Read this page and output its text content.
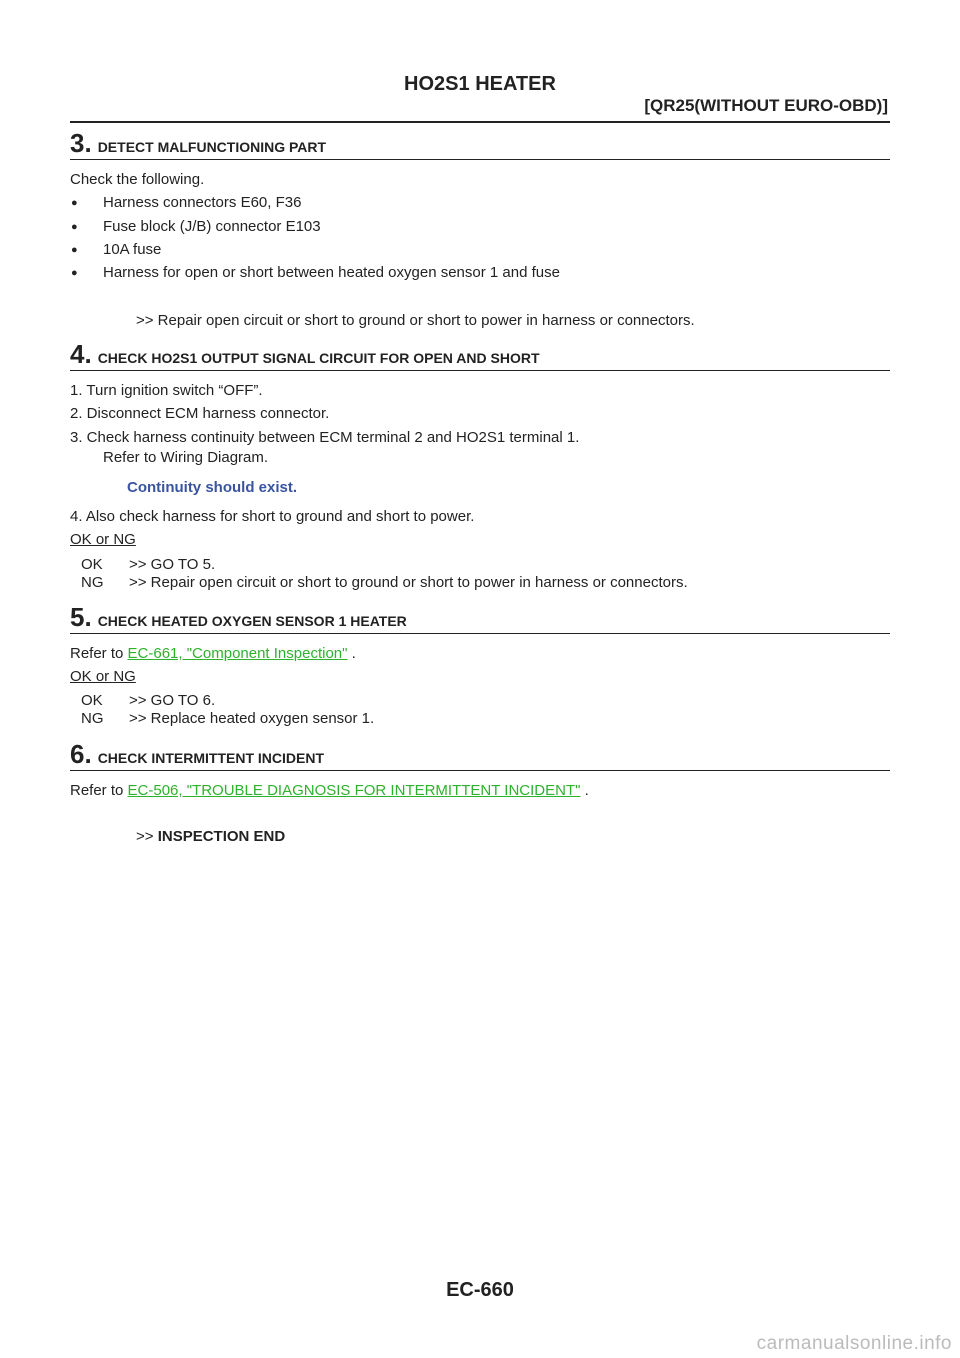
HO2S1 HEATER
[QR25(WITHOUT EURO-OBD)]
3. DETECT MALFUNCTIONING PART
Check the following.
● Harness connectors E60, F36
● Fuse block (J/B) connector E103
● 10A fuse
● Harness for open or short between heated oxygen sensor 1 and fuse
>> Repair open circuit or short to ground or short to power in harness or connectors.
4. CHECK HO2S1 OUTPUT SIGNAL CIRCUIT FOR OPEN AND SHORT
1. Turn ignition switch “OFF”.
2. Disconnect ECM harness connector.
3. Check harness continuity between ECM terminal 2 and HO2S1 terminal 1.
Refer to Wiring Diagram.
Continuity should exist.
4. Also check harness for short to ground and short to power.
OK or NG
OK >> GO TO 5.
NG >> Repair open circuit or short to ground or short to power in harness or connectors.
5. CHECK HEATED OXYGEN SENSOR 1 HEATER
Refer to EC-661, "Component Inspection" .
OK or NG
OK >> GO TO 6.
NG >> Replace heated oxygen sensor 1.
6. CHECK INTERMITTENT INCIDENT
Refer to EC-506, "TROUBLE DIAGNOSIS FOR INTERMITTENT INCIDENT" .
>> INSPECTION END
EC-660
carmanualsonline.info
